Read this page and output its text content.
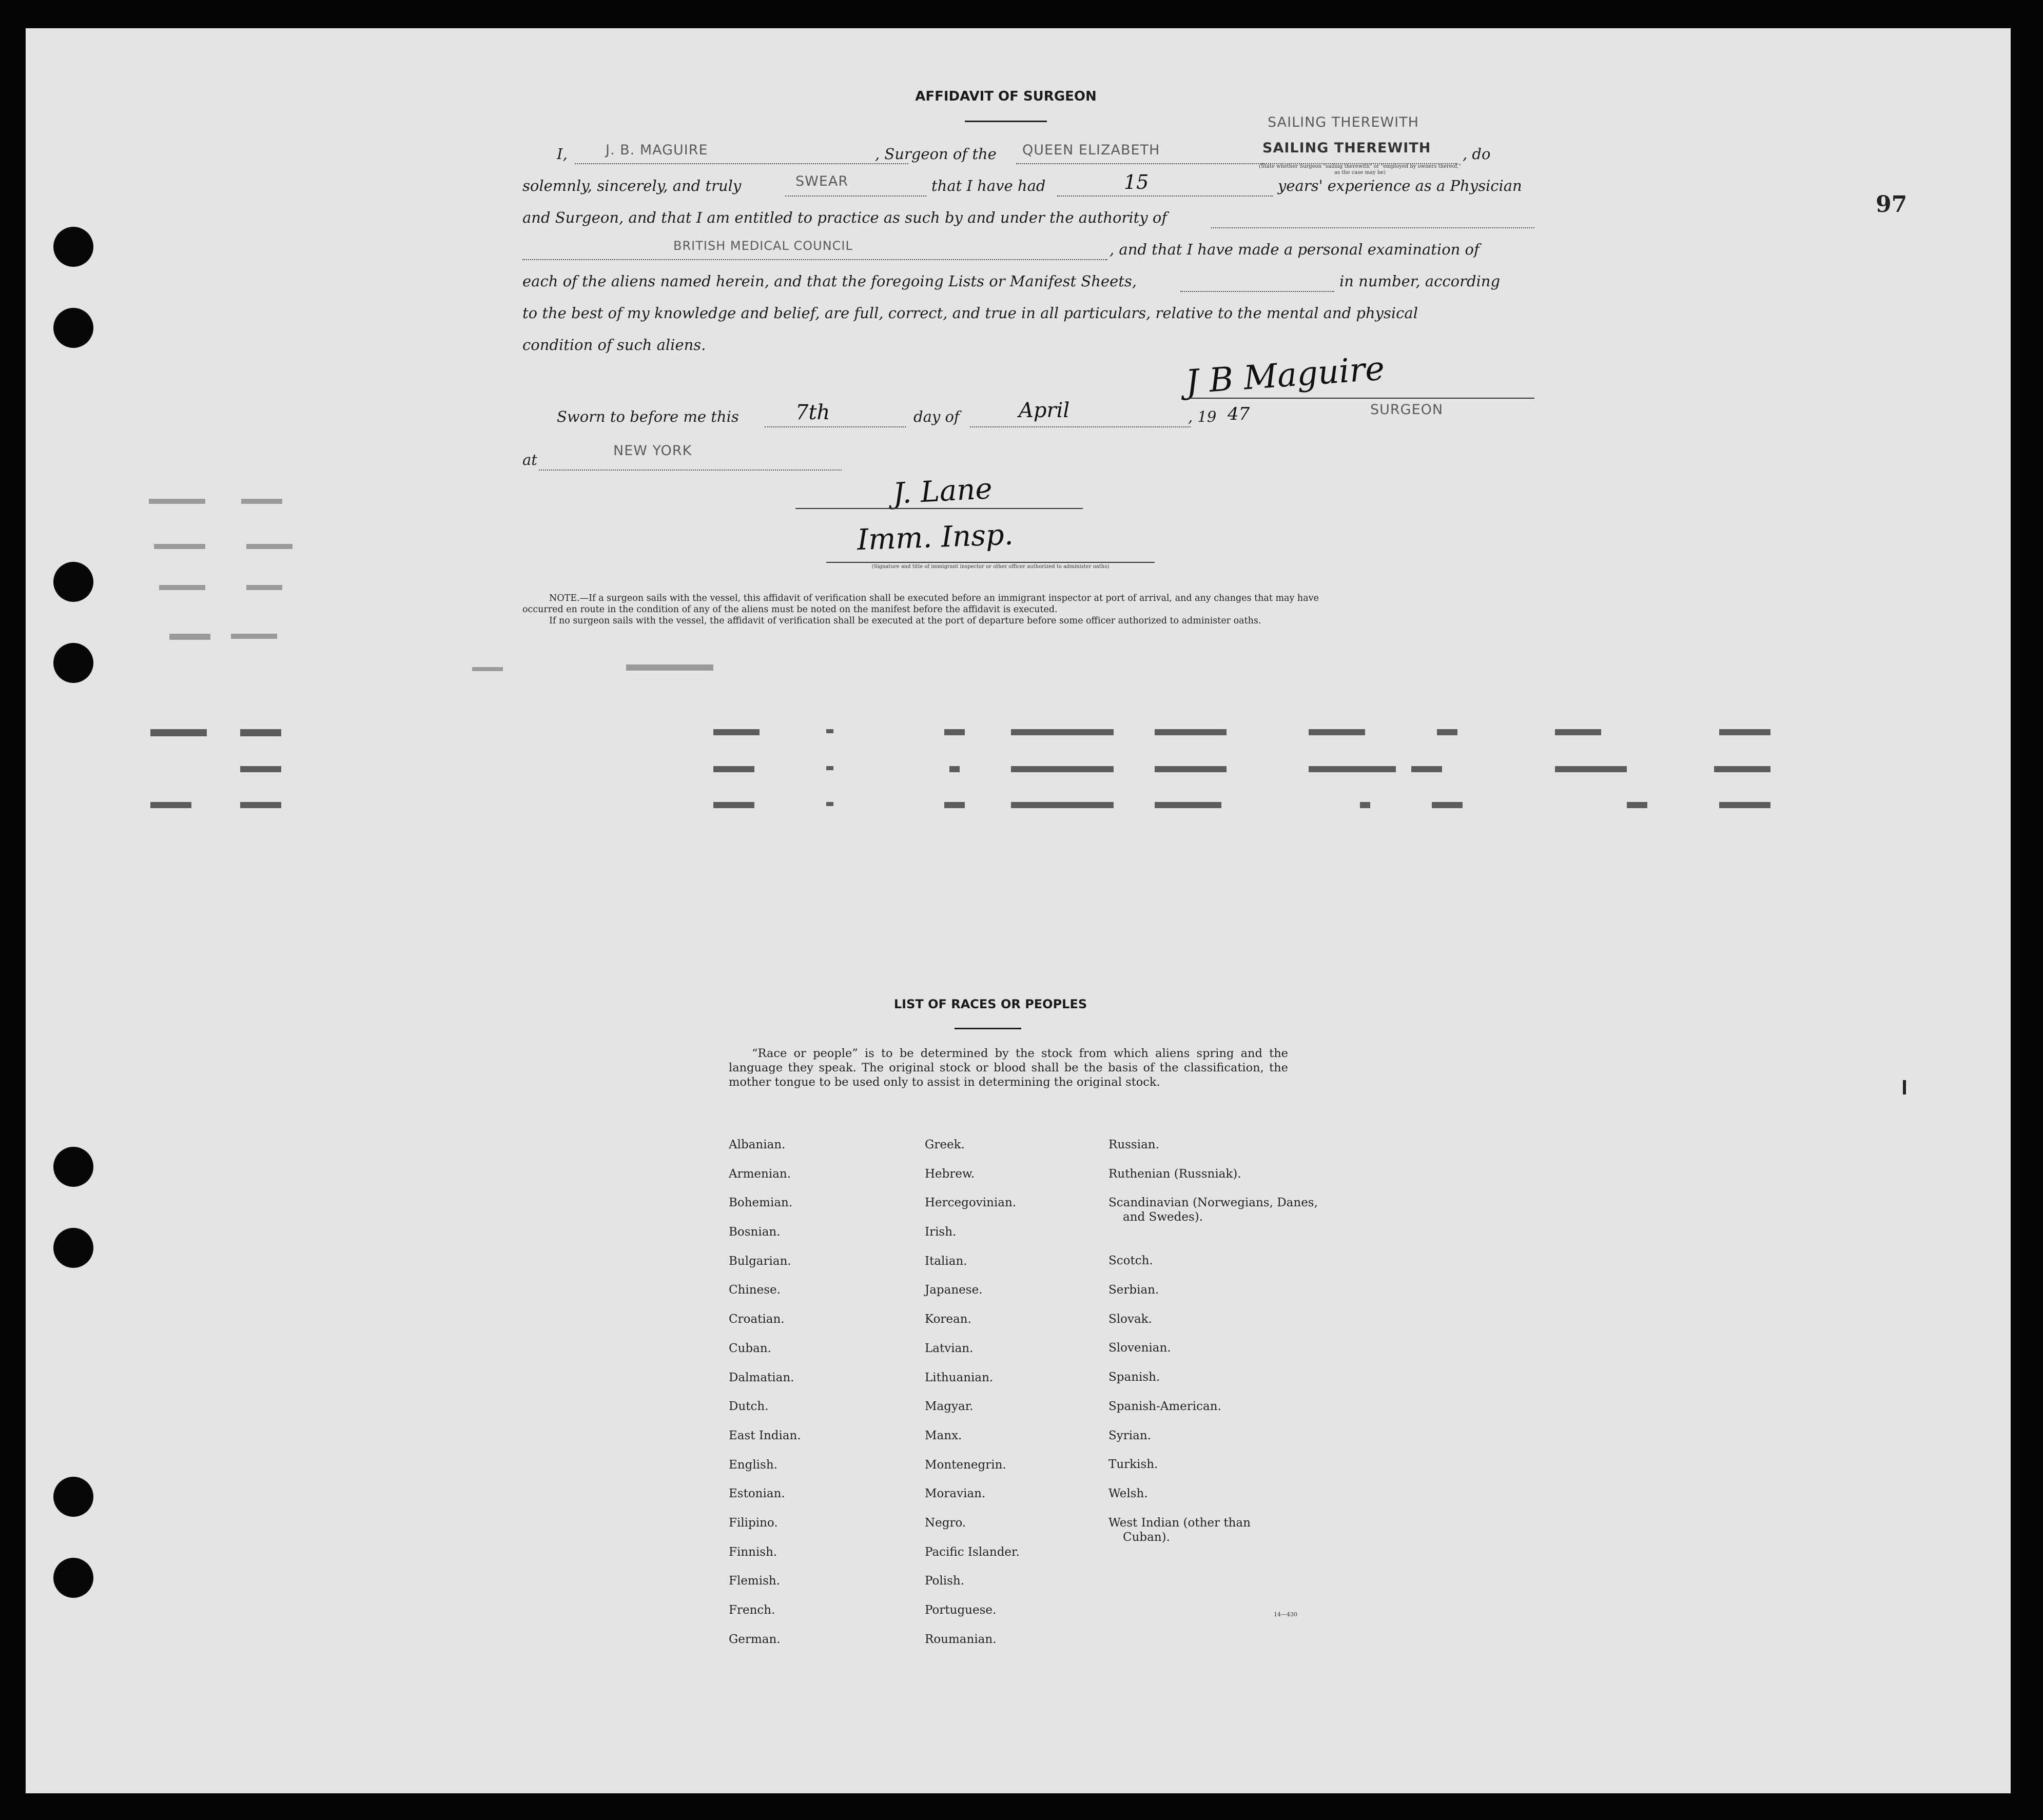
97
AFFIDAVIT OF SURGEON
I,	J. B. MAGUIRE	, Surgeon of the QUEEN ELIZABETH
SAILING THEREWITH
SAILING THEREWITH , do
(State whether Surgeon "sailing therewith" or "employed by owners thereof," as the case may be)
solemnly, sincerely, and truly	SWEAR	that I have had	15	years' experience as a Physician
and Surgeon, and that I am entitled to practice as such by and under the authority of
BRITISH MEDICAL COUNCIL	, and that I have made a personal examination of
each of the aliens named herein, and that the foregoing Lists or Manifest Sheets,	in number, according
to the best of my knowledge and belief, are full, correct, and true in all particulars, relative to the mental and physical
condition of such aliens.
J B Maguire
SURGEON
Sworn to before me this	7th	day of	April	, 19 47
at
NEW YORK
J. Lane
Imm. Insp.
(Signature and title of immigrant inspector or other officer authorized to administer oaths)
NOTE.—If a surgeon sails with the vessel, this affidavit of verification shall be executed before an immigrant inspector at port of arrival, and any changes that may have
occurred en route in the condition of any of the aliens must be noted on the manifest before the affidavit is executed.
If no surgeon sails with the vessel, the affidavit of verification shall be executed at the port of departure before some officer authorized to administer oaths.
LIST OF RACES OR PEOPLES
“Race or people” is to be determined by the stock from which aliens spring and the language they speak. The original stock or blood shall be the basis of the classification, the mother tongue to be used only to assist in determining the original stock.
Albanian.
Armenian.
Bohemian.
Bosnian.
Bulgarian.
Chinese.
Croatian.
Cuban.
Dalmatian.
Dutch.
East Indian.
English.
Estonian.
Filipino.
Finnish.
Flemish.
French.
German.
Greek.
Hebrew.
Hercegovinian.
Irish.
Italian.
Japanese.
Korean.
Latvian.
Lithuanian.
Magyar.
Manx.
Montenegrin.
Moravian.
Negro.
Pacific Islander.
Polish.
Portuguese.
Roumanian.
Russian.
Ruthenian (Russniak).
Scandinavian (Norwegians, Danes, and Swedes).
Scotch.
Serbian.
Slovak.
Slovenian.
Spanish.
Spanish-American.
Syrian.
Turkish.
Welsh.
West Indian (other than Cuban).
14—430
